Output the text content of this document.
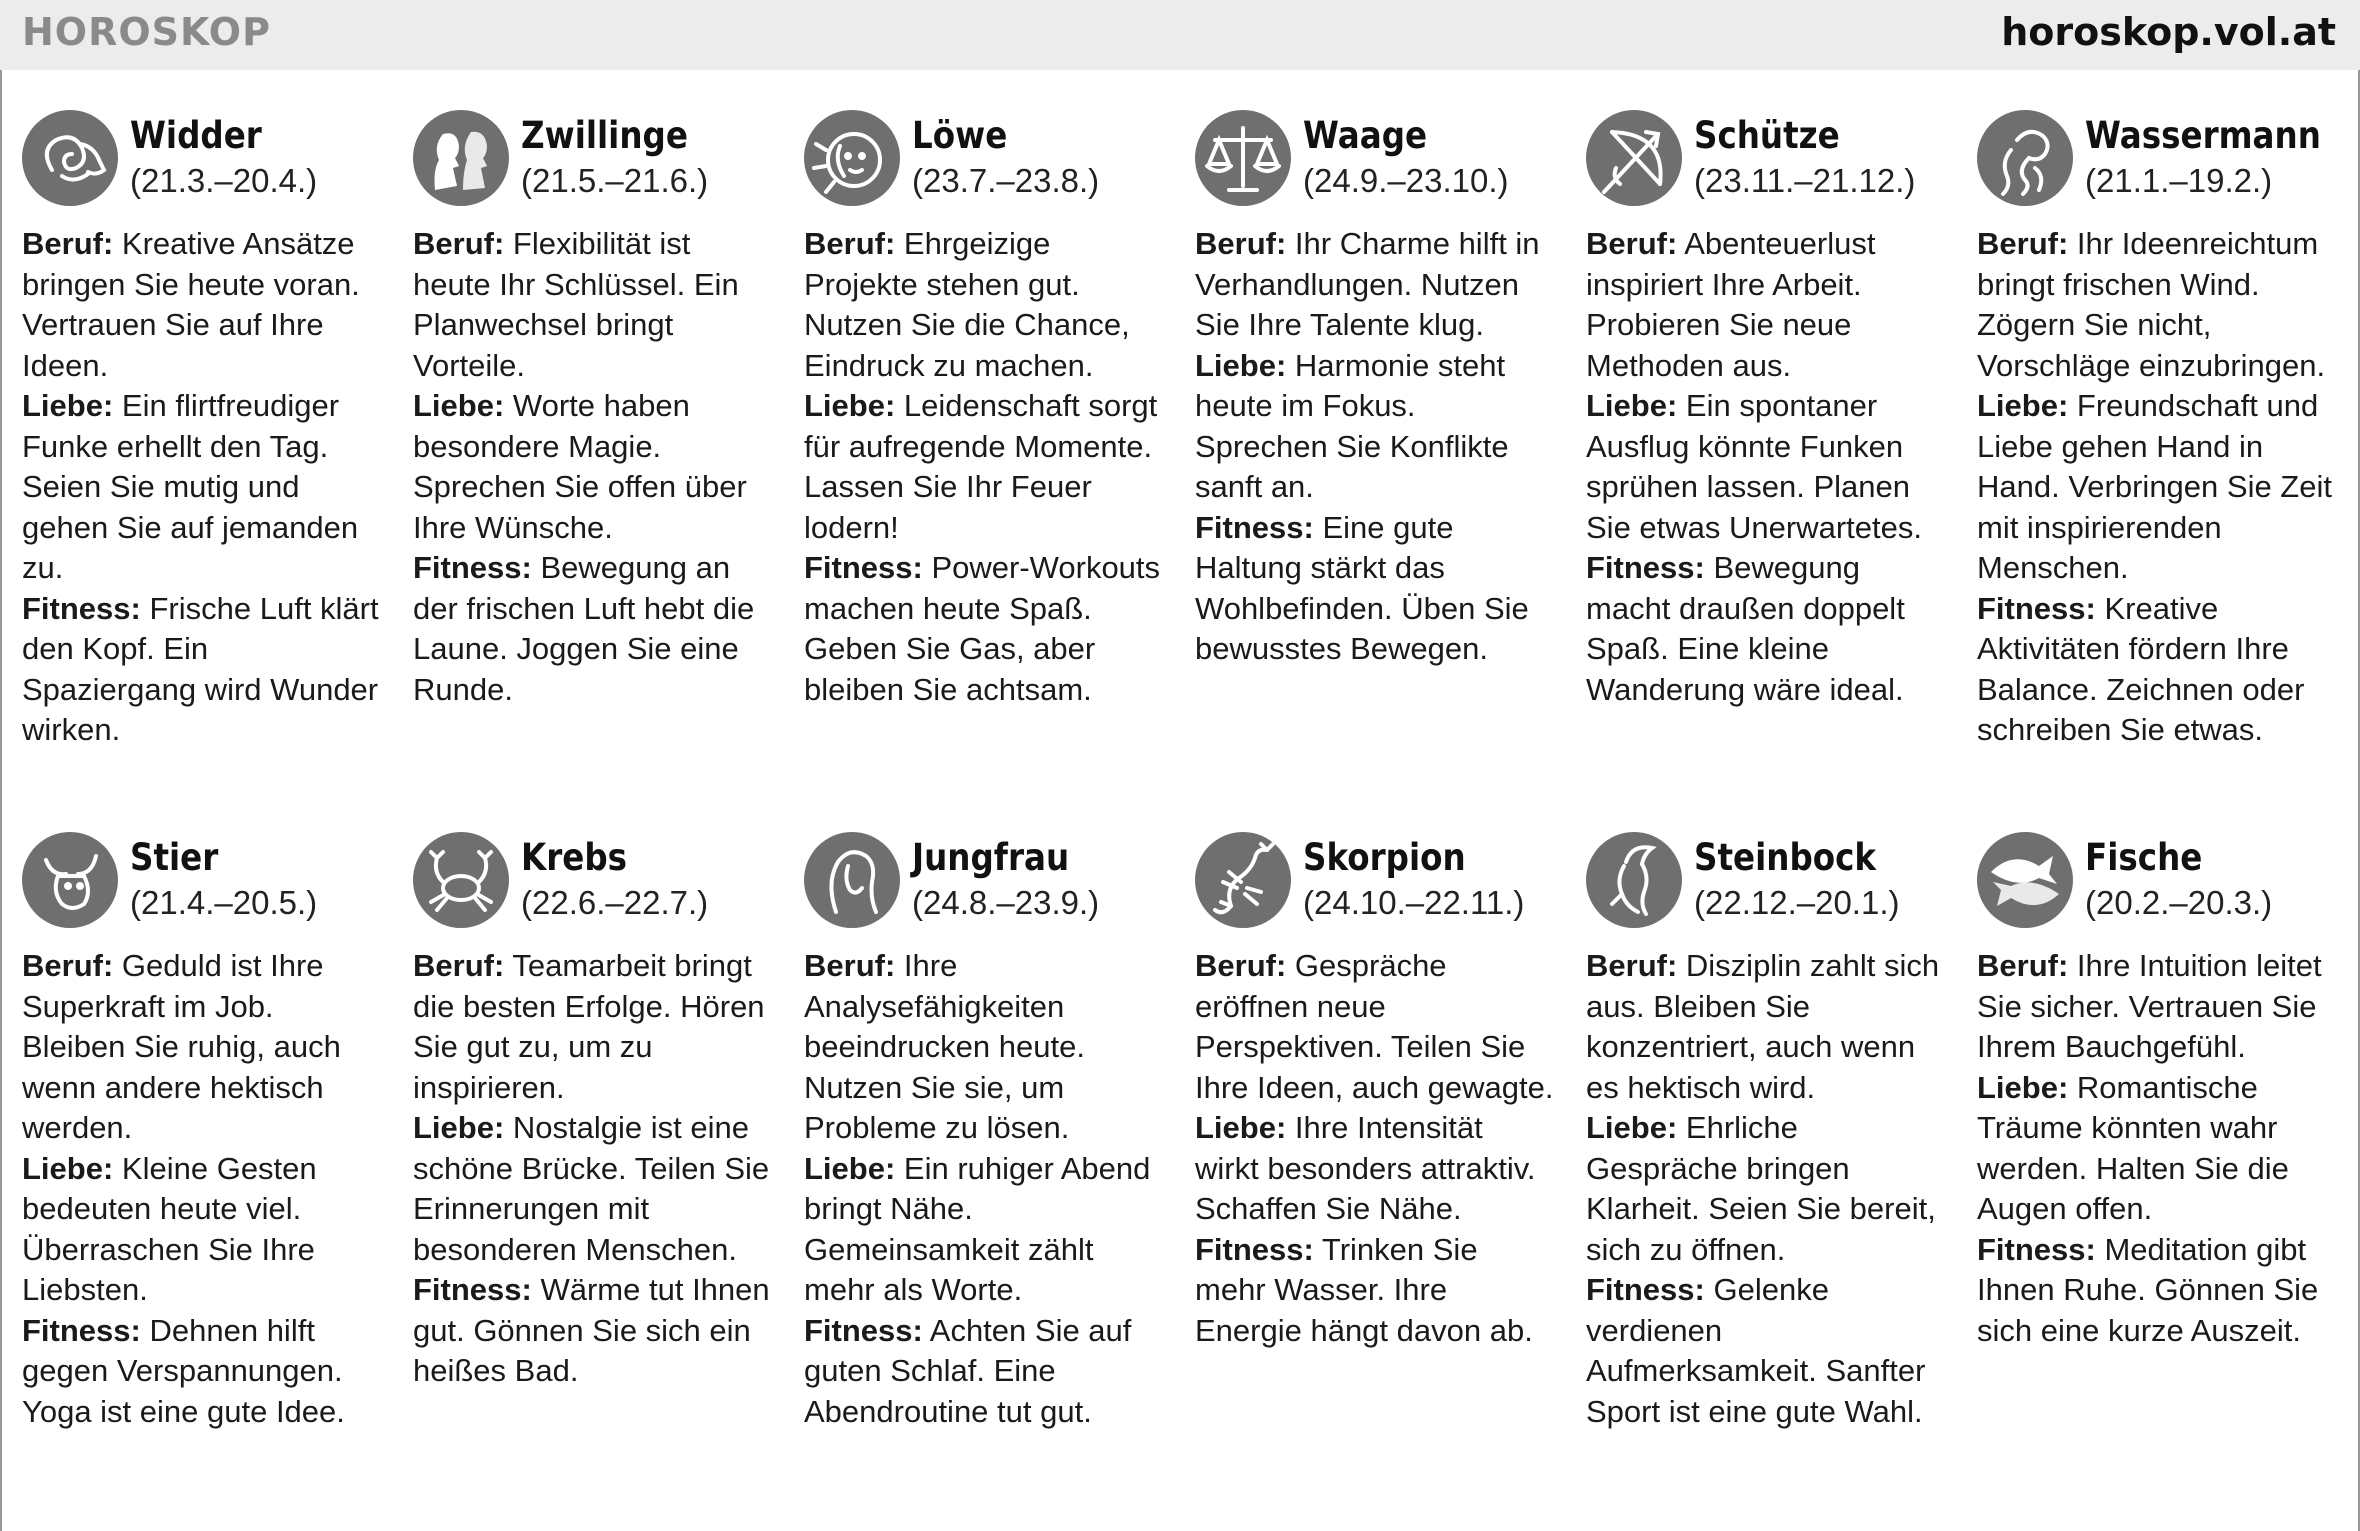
HOROSKOP	horoskop.vol.at
Widder
(21.3.–20.4.)

Beruf: Kreative Ansätze bringen Sie heute voran. Vertrauen Sie auf Ihre Ideen.

Liebe: Ein flirtfreudiger Funke erhellt den Tag. Seien Sie mutig und gehen Sie auf jemanden zu.

Fitness: Frische Luft klärt den Kopf. Ein Spaziergang wird Wunder wirken.

Zwillinge
(21.5.–21.6.)

Beruf: Flexibilität ist heute Ihr Schlüssel. Ein Planwechsel bringt Vorteile.

Liebe: Worte haben besondere Magie. Sprechen Sie offen über Ihre Wünsche.

Fitness: Bewegung an der frischen Luft hebt die Laune. Joggen Sie eine Runde.

Löwe
(23.7.–23.8.)

Beruf: Ehrgeizige Projekte stehen gut. Nutzen Sie die Chance, Eindruck zu machen.

Liebe: Leidenschaft sorgt für aufregende Momente. Lassen Sie Ihr Feuer lodern!

Fitness: Power-Workouts machen heute Spaß. Geben Sie Gas, aber bleiben Sie achtsam.

Waage
(24.9.–23.10.)

Beruf: Ihr Charme hilft in Verhandlungen. Nutzen Sie Ihre Talente klug.

Liebe: Harmonie steht heute im Fokus. Sprechen Sie Konflikte sanft an.

Fitness: Eine gute Haltung stärkt das Wohlbefinden. Üben Sie bewusstes Bewegen.

Schütze
(23.11.–21.12.)

Beruf: Abenteuerlust inspiriert Ihre Arbeit. Probieren Sie neue Methoden aus.

Liebe: Ein spontaner Ausflug könnte Funken sprühen lassen. Planen Sie etwas Unerwartetes.

Fitness: Bewegung macht draußen doppelt Spaß. Eine kleine Wanderung wäre ideal.

Wassermann
(21.1.–19.2.)

Beruf: Ihr Ideenreichtum bringt frischen Wind. Zögern Sie nicht, Vorschläge einzubringen.

Liebe: Freundschaft und Liebe gehen Hand in Hand. Verbringen Sie Zeit mit inspirierenden Menschen.

Fitness: Kreative Aktivitäten fördern Ihre Balance. Zeichnen oder schreiben Sie etwas.

Stier
(21.4.–20.5.)

Beruf: Geduld ist Ihre Superkraft im Job. Bleiben Sie ruhig, auch wenn andere hektisch werden.

Liebe: Kleine Gesten bedeuten heute viel. Überraschen Sie Ihre Liebsten.

Fitness: Dehnen hilft gegen Verspannungen. Yoga ist eine gute Idee.

Krebs
(22.6.–22.7.)

Beruf: Teamarbeit bringt die besten Erfolge. Hören Sie gut zu, um zu inspirieren.

Liebe: Nostalgie ist eine schöne Brücke. Teilen Sie Erinnerungen mit besonderen Menschen.

Fitness: Wärme tut Ihnen gut. Gönnen Sie sich ein heißes Bad.

Jungfrau
(24.8.–23.9.)

Beruf: Ihre Analysefähigkeiten beeindrucken heute. Nutzen Sie sie, um Probleme zu lösen.

Liebe: Ein ruhiger Abend bringt Nähe. Gemeinsamkeit zählt mehr als Worte.

Fitness: Achten Sie auf guten Schlaf. Eine Abendroutine tut gut.

Skorpion
(24.10.–22.11.)

Beruf: Gespräche eröffnen neue Perspektiven. Teilen Sie Ihre Ideen, auch gewagte.

Liebe: Ihre Intensität wirkt besonders attraktiv. Schaffen Sie Nähe.

Fitness: Trinken Sie mehr Wasser. Ihre Energie hängt davon ab.

Steinbock
(22.12.–20.1.)

Beruf: Disziplin zahlt sich aus. Bleiben Sie konzentriert, auch wenn es hektisch wird.

Liebe: Ehrliche Gespräche bringen Klarheit. Seien Sie bereit, sich zu öffnen.

Fitness: Gelenke verdienen Aufmerksamkeit. Sanfter Sport ist eine gute Wahl.

Fische
(20.2.–20.3.)

Beruf: Ihre Intuition leitet Sie sicher. Vertrauen Sie Ihrem Bauchgefühl.

Liebe: Romantische Träume könnten wahr werden. Halten Sie die Augen offen.

Fitness: Meditation gibt Ihnen Ruhe. Gönnen Sie sich eine kurze Auszeit.
